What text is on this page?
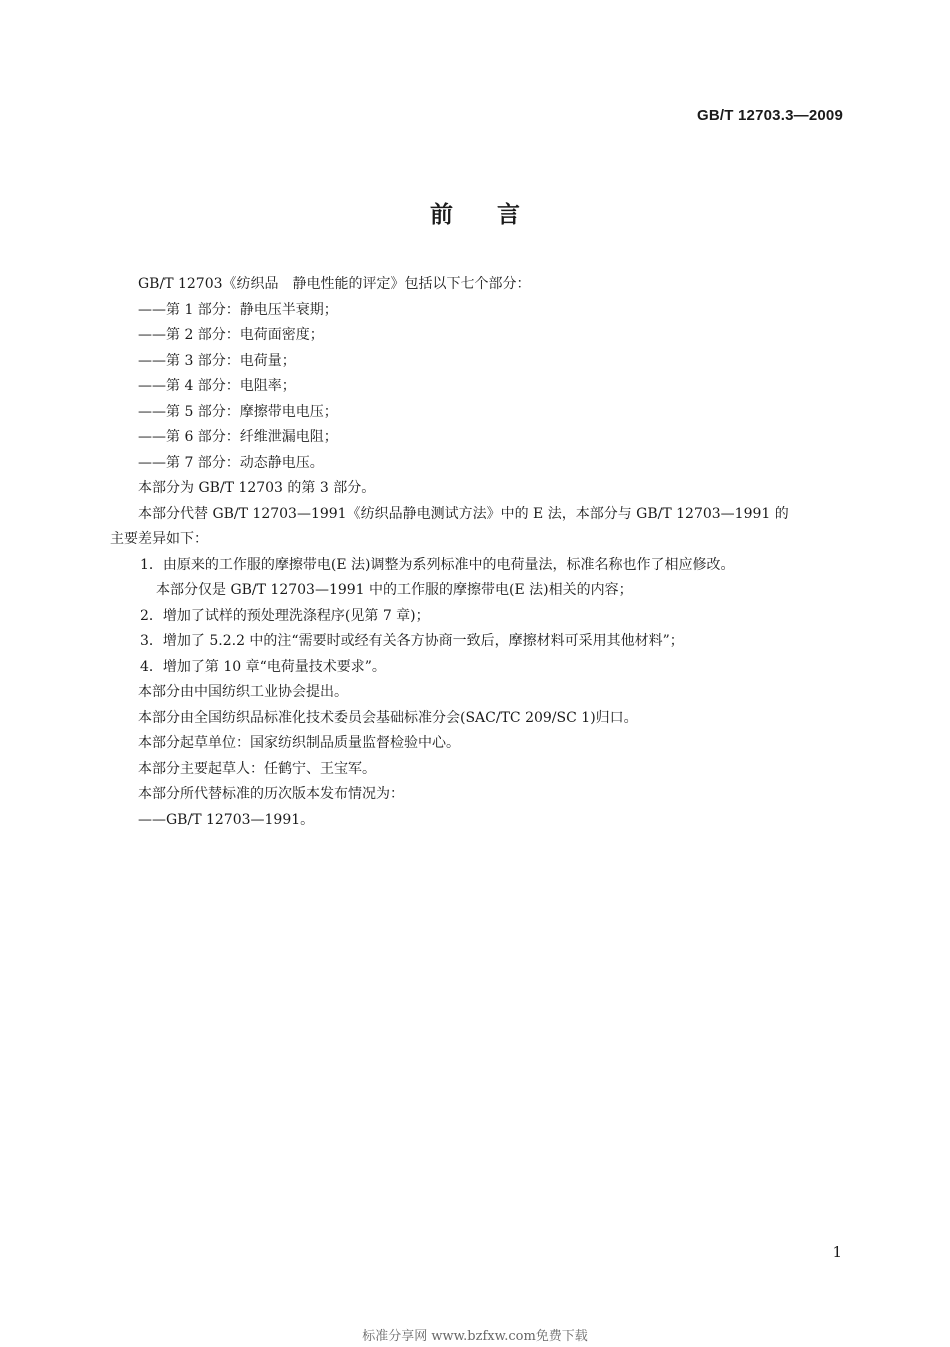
GB/T 12703.3—2009
前言
GB/T 12703《纺织品　静电性能的评定》包括以下七个部分：
——第 1 部分：静电压半衰期；
——第 2 部分：电荷面密度；
——第 3 部分：电荷量；
——第 4 部分：电阻率；
——第 5 部分：摩擦带电电压；
——第 6 部分：纤维泄漏电阻；
——第 7 部分：动态静电压。
本部分为 GB/T 12703 的第 3 部分。
本部分代替 GB/T 12703—1991《纺织品静电测试方法》中的 E 法，本部分与 GB/T 12703—1991 的
主要差异如下：
1．由原来的工作服的摩擦带电(E 法)调整为系列标准中的电荷量法，标准名称也作了相应修改。
本部分仅是 GB/T 12703—1991 中的工作服的摩擦带电(E 法)相关的内容；
2．增加了试样的预处理洗涤程序(见第 7 章)；
3．增加了 5.2.2 中的注“需要时或经有关各方协商一致后，摩擦材料可采用其他材料”；
4．增加了第 10 章“电荷量技术要求”。
本部分由中国纺织工业协会提出。
本部分由全国纺织品标准化技术委员会基础标准分会(SAC/TC 209/SC 1)归口。
本部分起草单位：国家纺织制品质量监督检验中心。
本部分主要起草人：任鹤宁、王宝军。
本部分所代替标准的历次版本发布情况为：
——GB/T 12703—1991。
1
标准分享网 www.bzfxw.com免费下载
